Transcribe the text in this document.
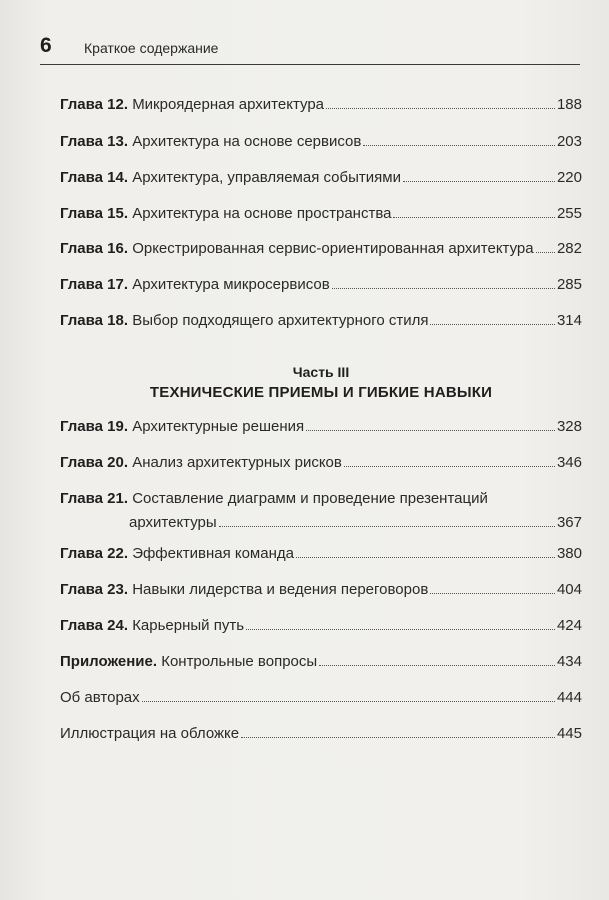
6 Краткое содержание
Глава 12. Микроядерная архитектура	188
Глава 13. Архитектура на основе сервисов	203
Глава 14. Архитектура, управляемая событиями	220
Глава 15. Архитектура на основе пространства	255
Глава 16. Оркестрированная сервис-ориентированная архитектура 282
Глава 17. Архитектура микросервисов	285
Глава 18. Выбор подходящего архитектурного стиля	314
Часть III
ТЕХНИЧЕСКИЕ ПРИЕМЫ И ГИБКИЕ НАВЫКИ
Глава 19. Архитектурные решения	328
Глава 20. Анализ архитектурных рисков	346
Глава 21. Составление диаграмм и проведение презентаций
архитектуры	367
Глава 22. Эффективная команда	380
Глава 23. Навыки лидерства и ведения переговоров	404
Глава 24. Карьерный путь	424
Приложение. Контрольные вопросы	434
Об авторах	444
Иллюстрация на обложке	445
